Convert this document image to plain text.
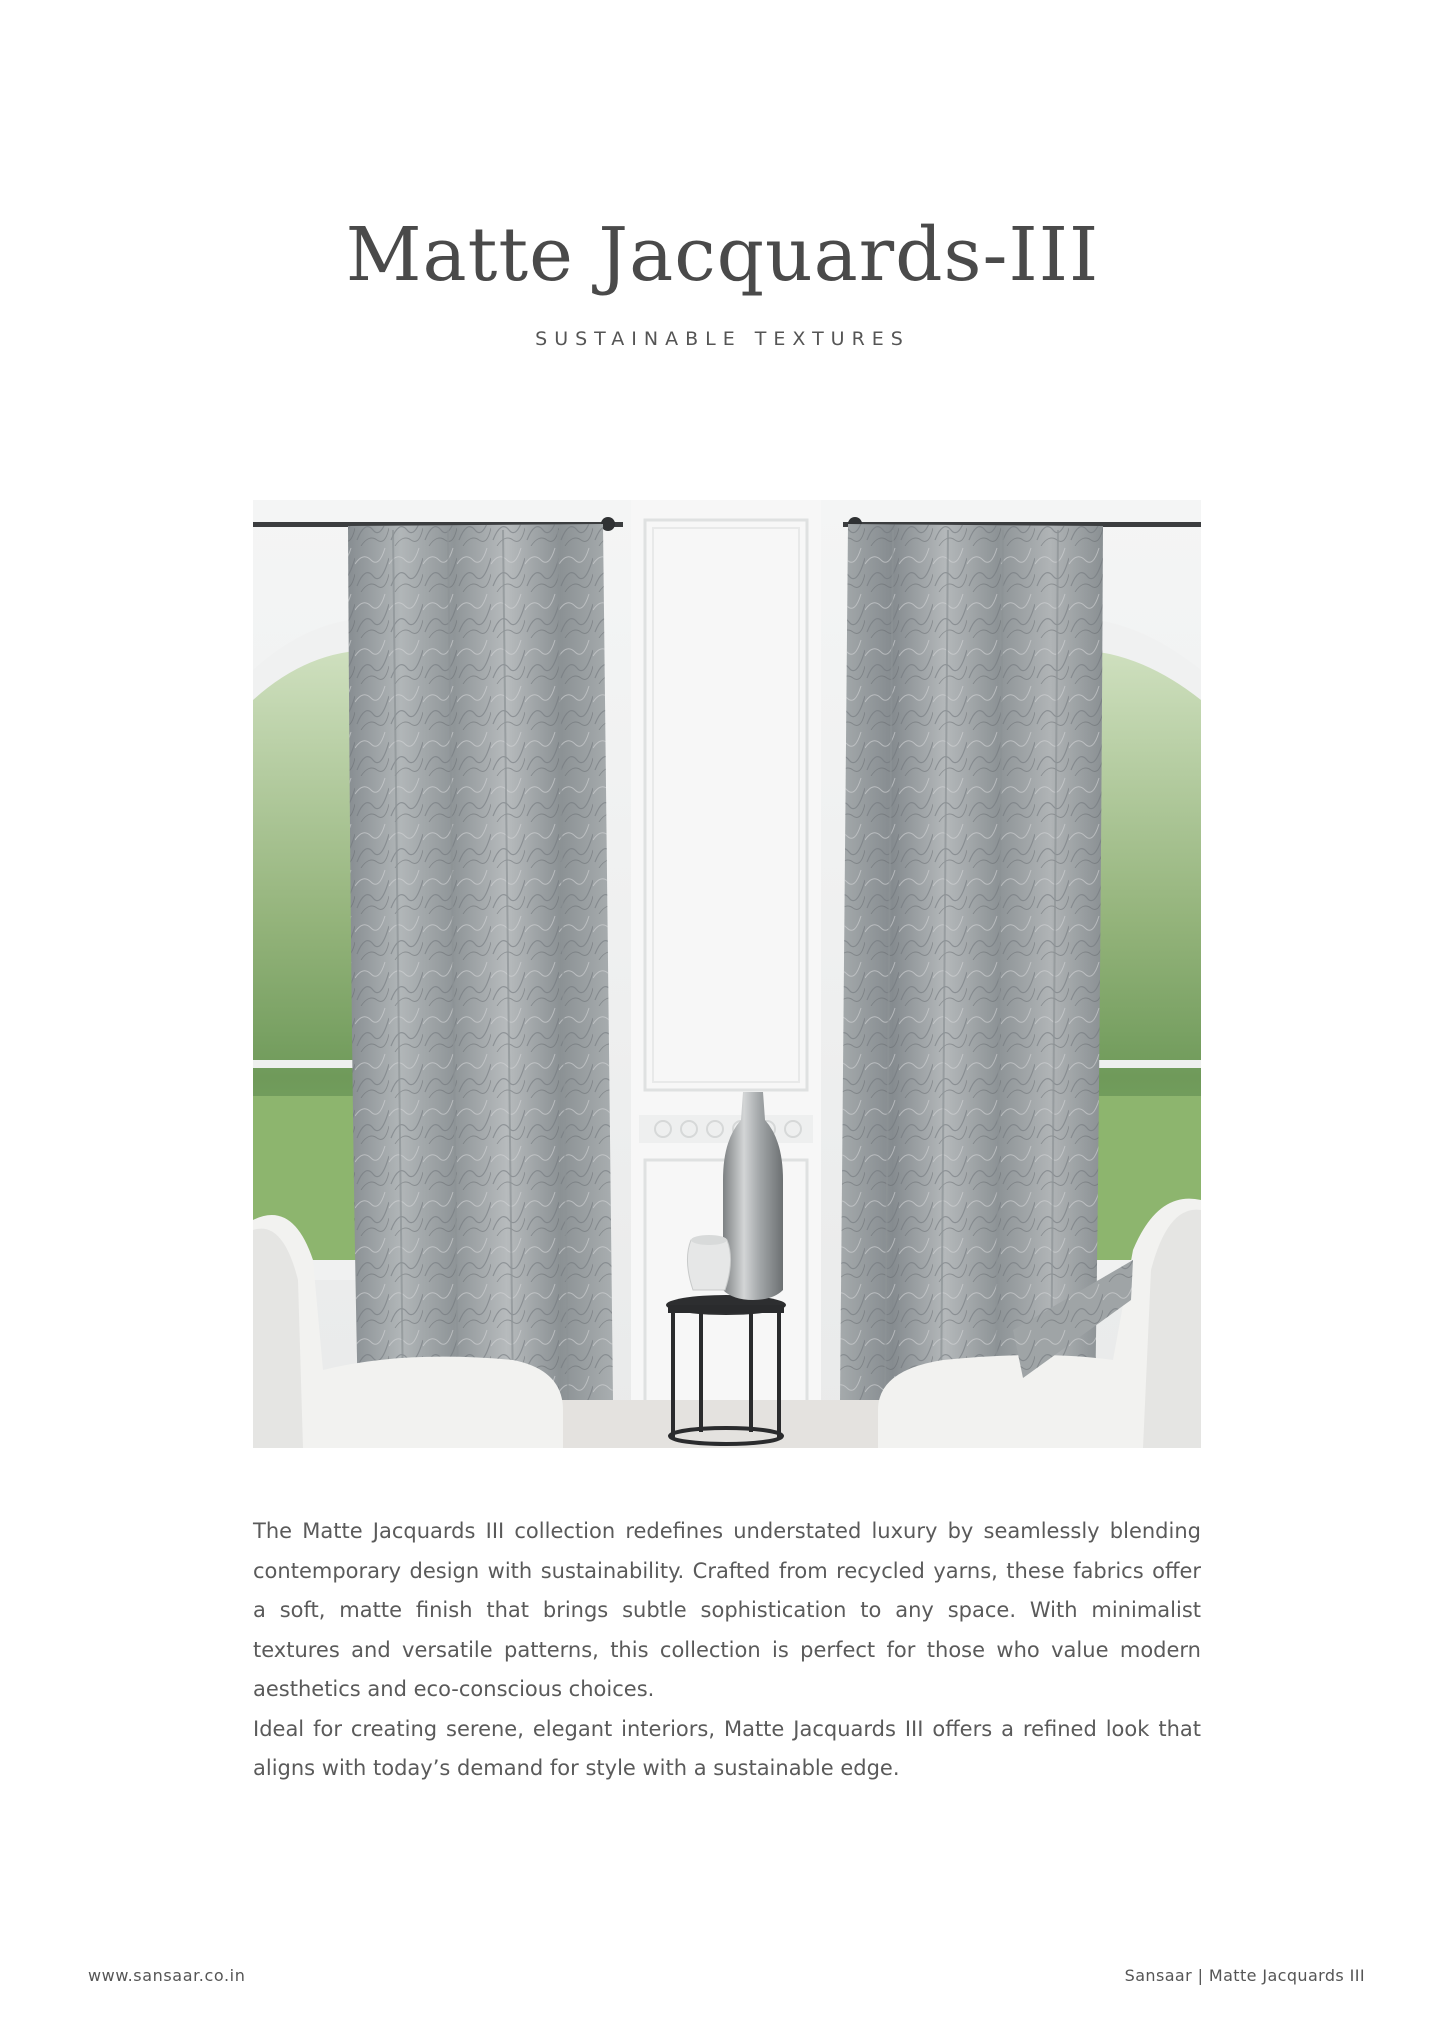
Matte Jacquards-III
SUSTAINABLE TEXTURES

The Matte Jacquards III collection redefines understated luxury by seamlessly blending contemporary design with sustainability. Crafted from recycled yarns, these fabrics offer a soft, matte finish that brings subtle sophistication to any space. With minimalist textures and versatile patterns, this collection is perfect for those who value modern aesthetics and eco-conscious choices.

Ideal for creating serene, elegant interiors, Matte Jacquards III offers a refined look that aligns with today’s demand for style with a sustainable edge.

www.sansaar.co.in	Sansaar | Matte Jacquards III
